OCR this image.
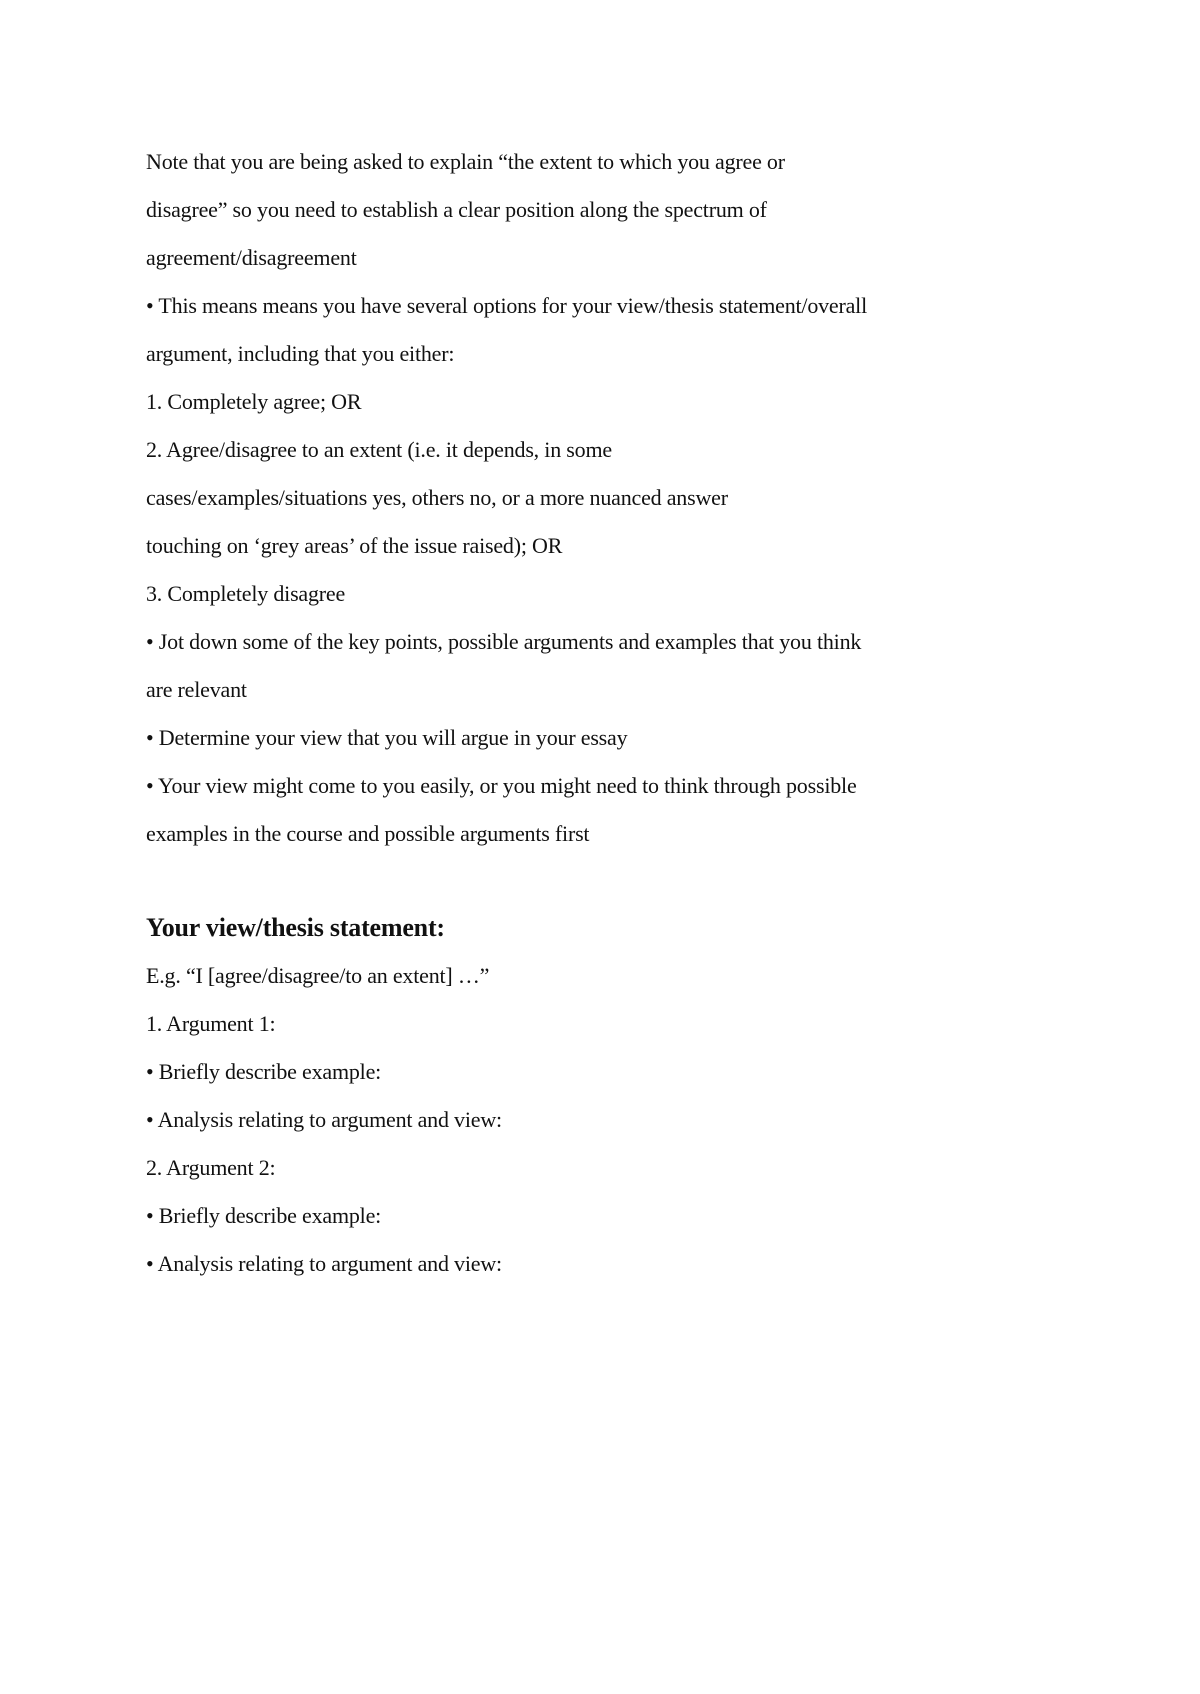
Note that you are being asked to explain “the extent to which you agree or
disagree” so you need to establish a clear position along the spectrum of
agreement/disagreement
• This means means you have several options for your view/thesis statement/overall
argument, including that you either:
1. Completely agree; OR
2. Agree/disagree to an extent (i.e. it depends, in some
cases/examples/situations yes, others no, or a more nuanced answer
touching on ‘grey areas’ of the issue raised); OR
3. Completely disagree
• Jot down some of the key points, possible arguments and examples that you think
are relevant
• Determine your view that you will argue in your essay
• Your view might come to you easily, or you might need to think through possible
examples in the course and possible arguments first
Your view/thesis statement:
E.g. “I [agree/disagree/to an extent] …”
1. Argument 1:
• Briefly describe example:
• Analysis relating to argument and view:
2. Argument 2:
• Briefly describe example:
• Analysis relating to argument and view:
